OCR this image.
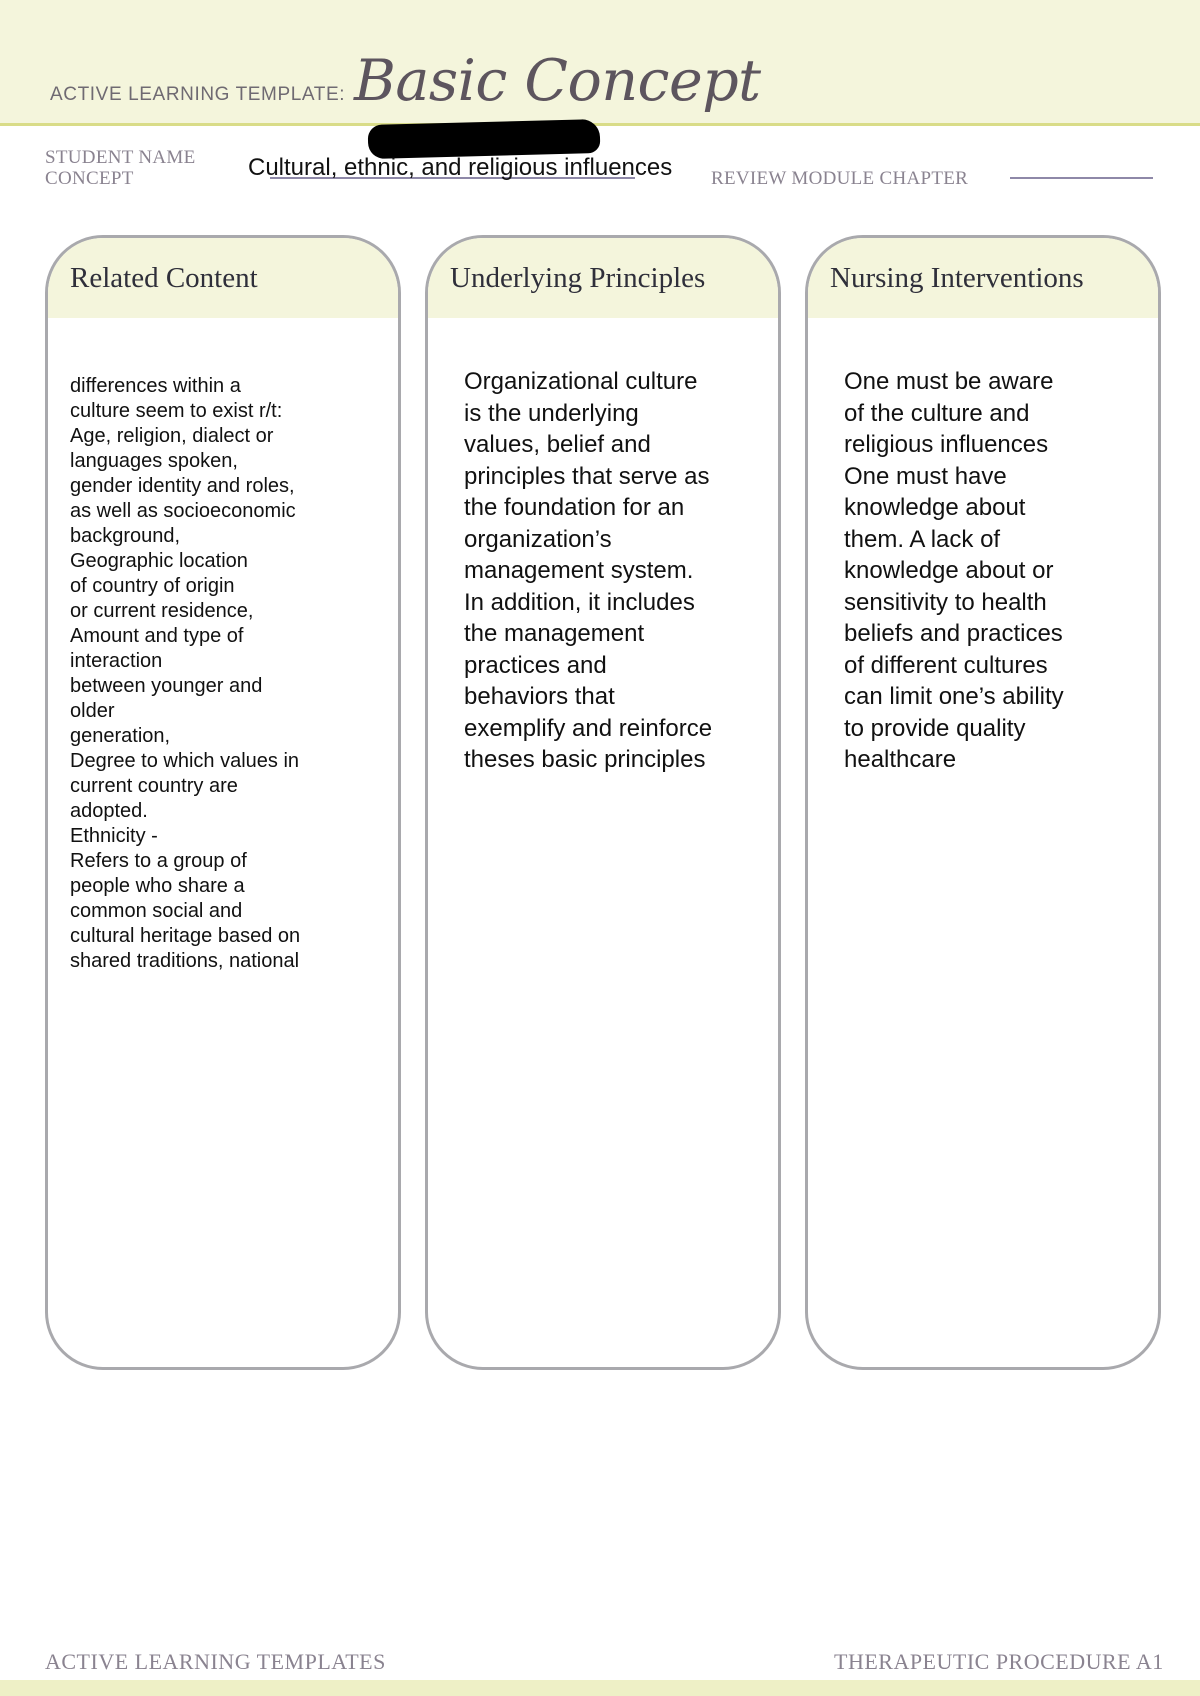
ACTIVE LEARNING TEMPLATE: Basic Concept
STUDENT NAME
CONCEPT	Cultural, ethnic, and religious influences REVIEW MODULE CHAPTER
Related Content
differences within a
culture seem to exist r/t:
Age, religion, dialect or
languages spoken,
gender identity and roles,
as well as socioeconomic
background,
Geographic location
of country of origin
or current residence,
Amount and type of
interaction
between younger and
older
generation,
Degree to which values in
current country are
adopted.
Ethnicity -
Refers to a group of
people who share a
common social and
cultural heritage based on
shared traditions, national
Underlying Principles
Organizational culture
is the underlying
values, belief and
principles that serve as
the foundation for an
organization’s
management system.
In addition, it includes
the management
practices and
behaviors that
exemplify and reinforce
theses basic principles
Nursing Interventions
One must be aware
of the culture and
religious influences
One must have
knowledge about
them. A lack of
knowledge about or
sensitivity to health
beliefs and practices
of different cultures
can limit one’s ability
to provide quality
healthcare
ACTIVE LEARNING TEMPLATES	THERAPEUTIC PROCEDURE A1
